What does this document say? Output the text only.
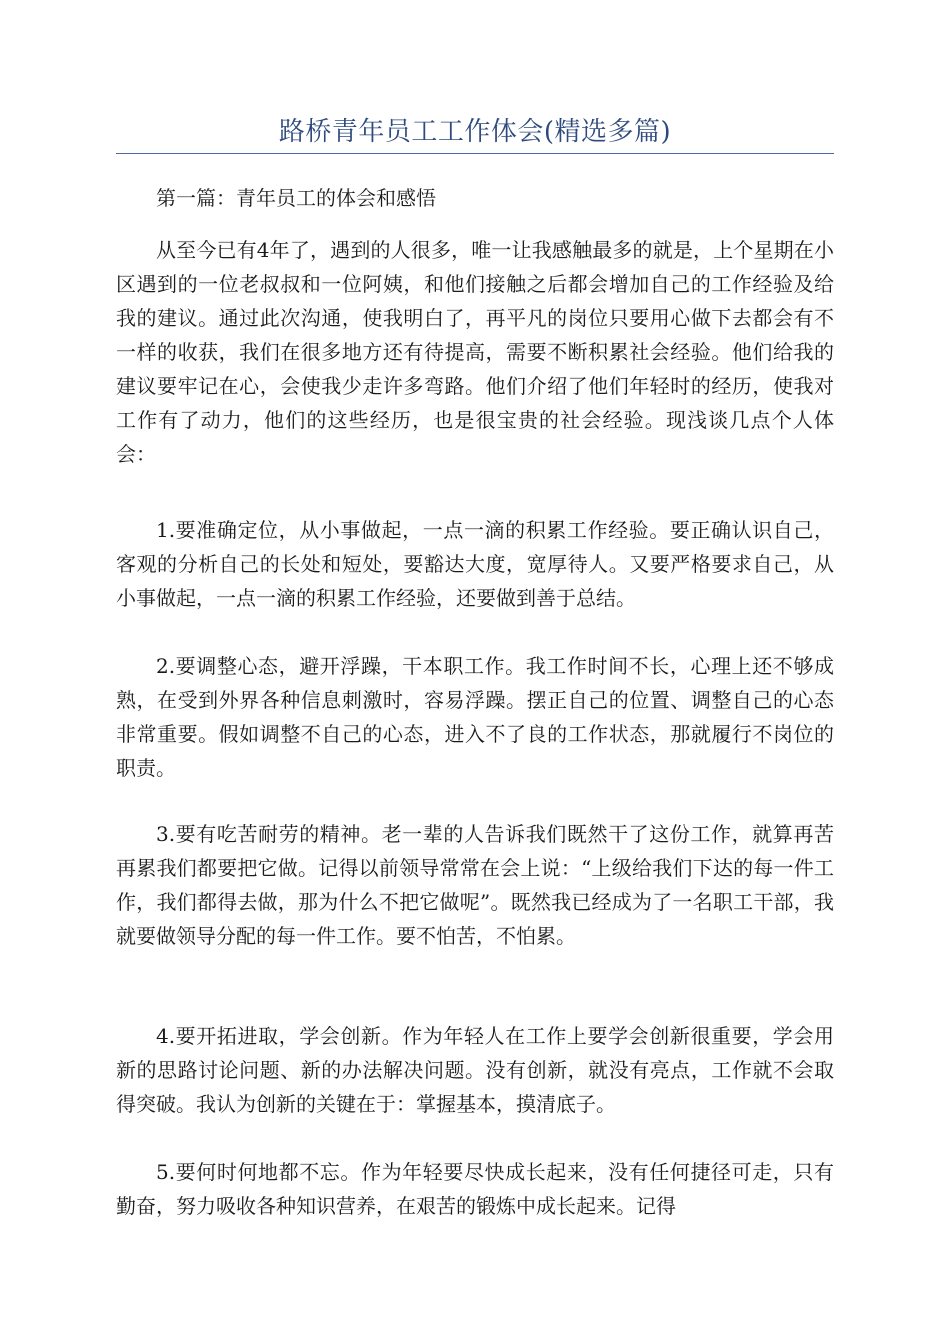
路桥青年员工工作体会(精选多篇)

第一篇：青年员工的体会和感悟

从至今已有4年了，遇到的人很多，唯一让我感触最多的就是，上个星期在小区遇到的一位老叔叔和一位阿姨，和他们接触之后都会增加自己的工作经验及给我的建议。通过此次沟通，使我明白了，再平凡的岗位只要用心做下去都会有不一样的收获，我们在很多地方还有待提高，需要不断积累社会经验。他们给我的建议要牢记在心，会使我少走许多弯路。他们介绍了他们年轻时的经历，使我对工作有了动力，他们的这些经历，也是很宝贵的社会经验。现浅谈几点个人体会：

1.要准确定位，从小事做起，一点一滴的积累工作经验。要正确认识自己，客观的分析自己的长处和短处，要豁达大度，宽厚待人。又要严格要求自己，从小事做起，一点一滴的积累工作经验，还要做到善于总结。

2.要调整心态，避开浮躁，干本职工作。我工作时间不长，心理上还不够成熟，在受到外界各种信息刺激时，容易浮躁。摆正自己的位置、调整自己的心态非常重要。假如调整不自己的心态，进入不了良的工作状态，那就履行不岗位的职责。

3.要有吃苦耐劳的精神。老一辈的人告诉我们既然干了这份工作，就算再苦再累我们都要把它做。记得以前领导常常在会上说：“上级给我们下达的每一件工作，我们都得去做，那为什么不把它做呢”。既然我已经成为了一名职工干部，我就要做领导分配的每一件工作。要不怕苦，不怕累。

4.要开拓进取，学会创新。作为年轻人在工作上要学会创新很重要，学会用新的思路讨论问题、新的办法解决问题。没有创新，就没有亮点，工作就不会取得突破。我认为创新的关键在于：掌握基本，摸清底子。

5.要何时何地都不忘。作为年轻要尽快成长起来，没有任何捷径可走，只有勤奋，努力吸收各种知识营养，在艰苦的锻炼中成长起来。记得
